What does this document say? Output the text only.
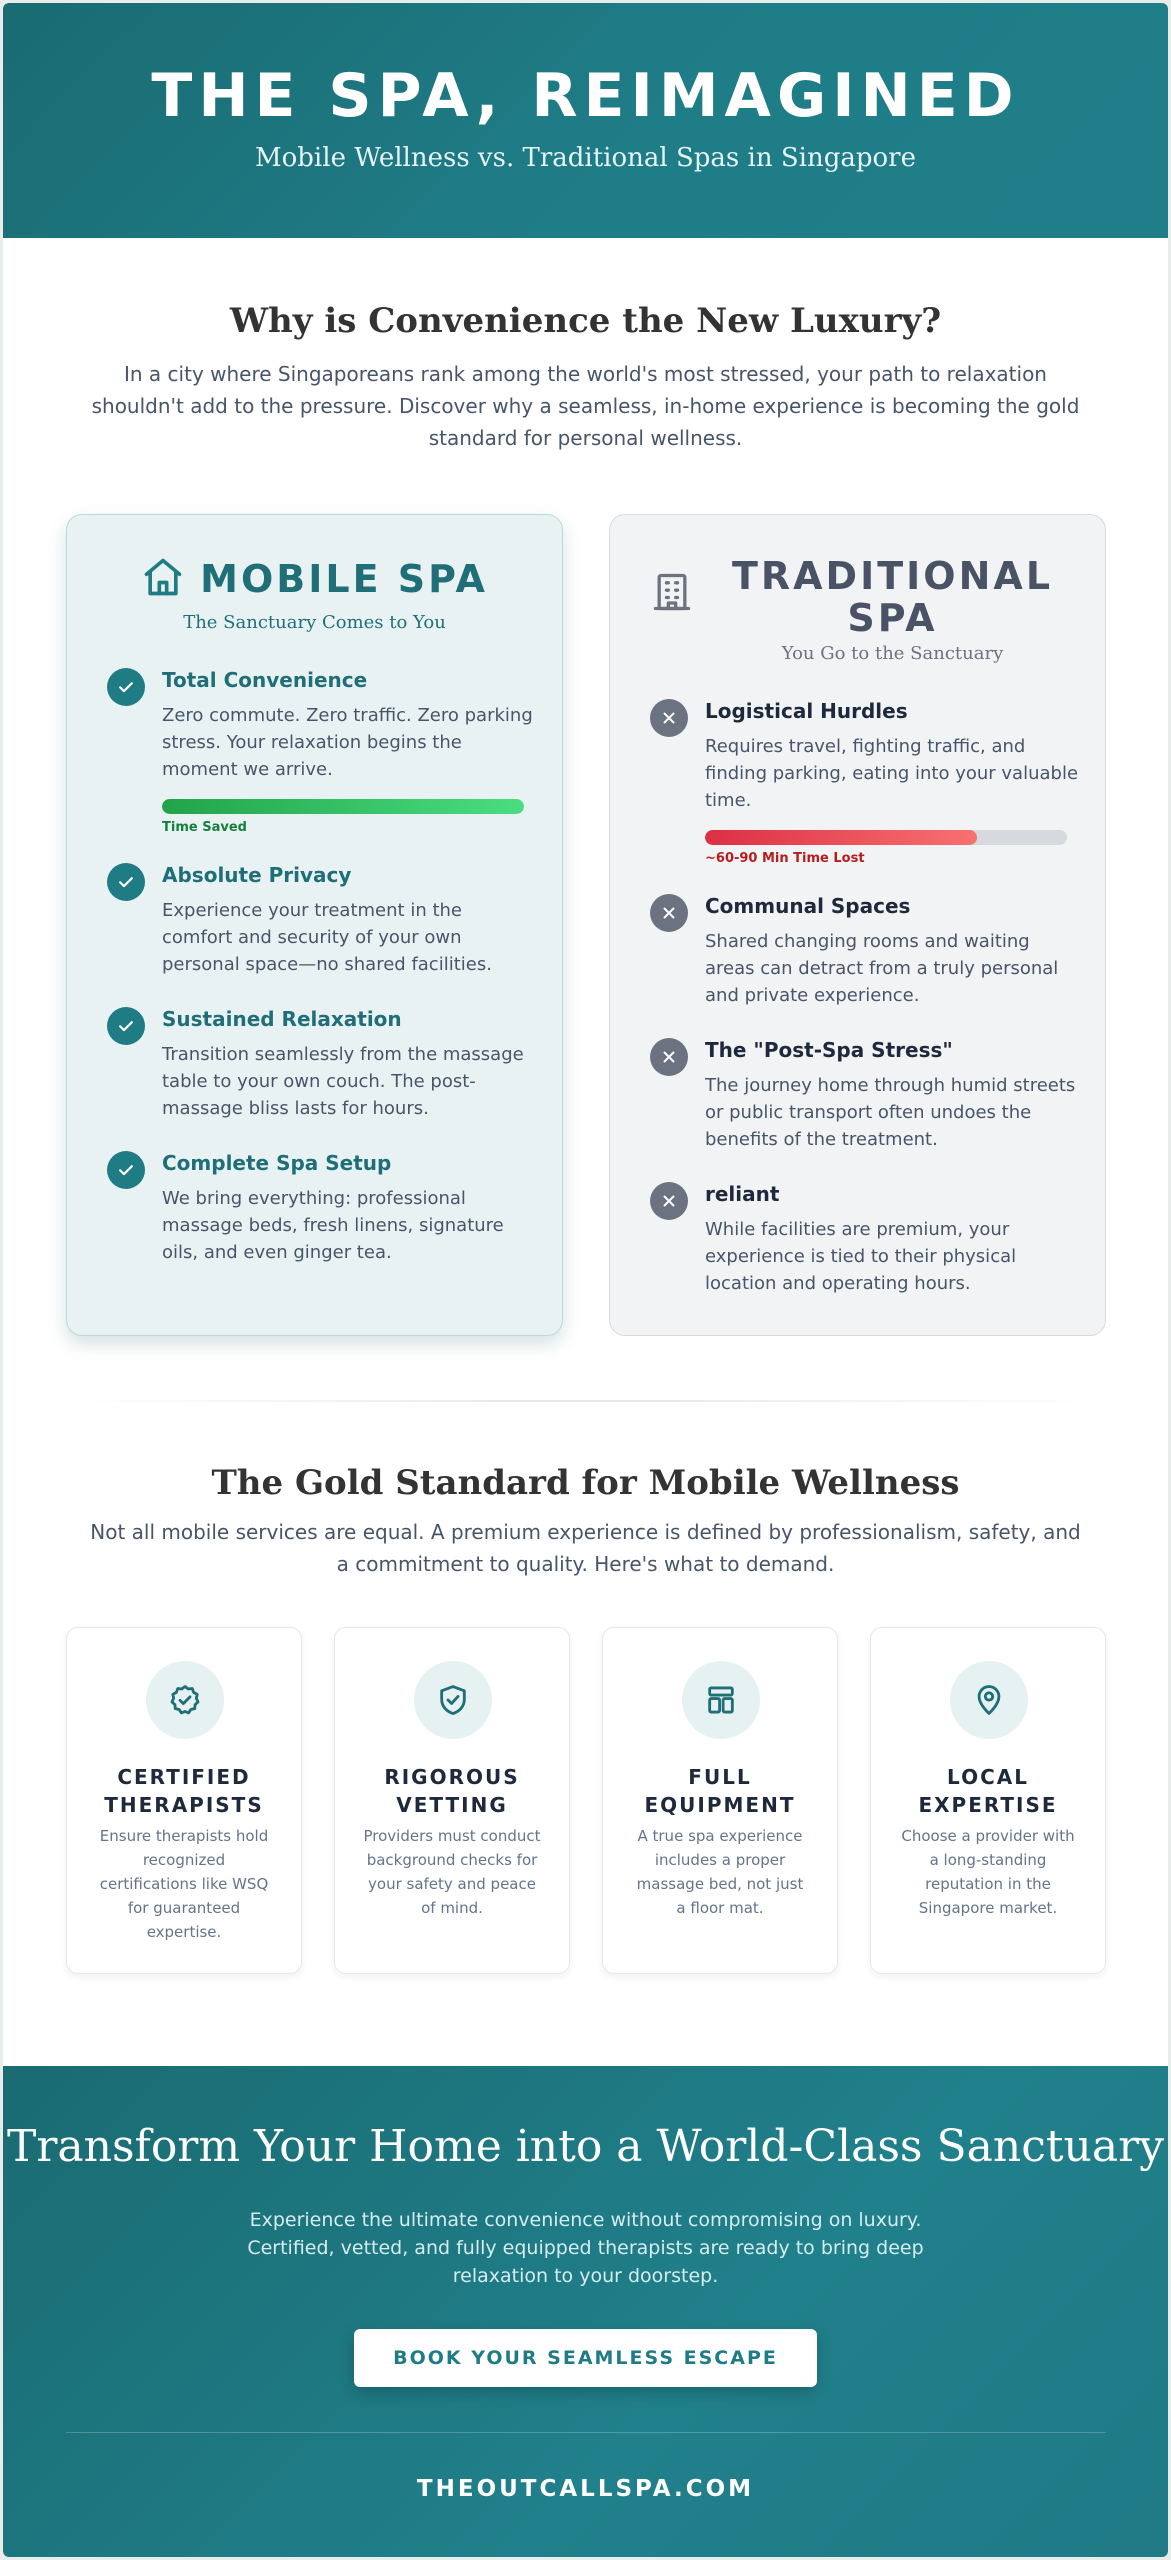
THE SPA, REIMAGINED
Mobile Wellness vs. Traditional Spas in Singapore
Why is Convenience the New Luxury?

In a city where Singaporeans rank among the world's most stressed, your path to relaxation shouldn't add to the pressure. Discover why a seamless, in-home experience is becoming the gold standard for personal wellness.

MOBILE SPA
The Sanctuary Comes to You
Total Convenience

Zero commute. Zero traffic. Zero parking stress. Your relaxation begins the moment we arrive.

Time Saved
Absolute Privacy

Experience your treatment in the comfort and security of your own personal space—no shared facilities.

Sustained Relaxation

Transition seamlessly from the massage table to your own couch. The post-massage bliss lasts for hours.

Complete Spa Setup

We bring everything: professional massage beds, fresh linens, signature oils, and even ginger tea.

TRADITIONAL SPA
You Go to the Sanctuary
Logistical Hurdles

Requires travel, fighting traffic, and finding parking, eating into your valuable time.

~60-90 Min Time Lost
Communal Spaces

Shared changing rooms and waiting areas can detract from a truly personal and private experience.

The "Post-Spa Stress"

The journey home through humid streets or public transport often undoes the benefits of the treatment.

reliant

While facilities are premium, your experience is tied to their physical location and operating hours.

The Gold Standard for Mobile Wellness

Not all mobile services are equal. A premium experience is defined by professionalism, safety, and a commitment to quality. Here's what to demand.

CERTIFIED THERAPISTS

Ensure therapists hold recognized certifications like WSQ for guaranteed expertise.

RIGOROUS VETTING

Providers must conduct background checks for your safety and peace of mind.

FULL EQUIPMENT

A true spa experience includes a proper massage bed, not just a floor mat.

LOCAL EXPERTISE

Choose a provider with a long-standing reputation in the Singapore market.

Transform Your Home into a World-Class Sanctuary

Experience the ultimate convenience without compromising on luxury. Certified, vetted, and fully equipped therapists are ready to bring deep relaxation to your doorstep.

BOOK YOUR SEAMLESS ESCAPE
THEOUTCALLSPA.COM
